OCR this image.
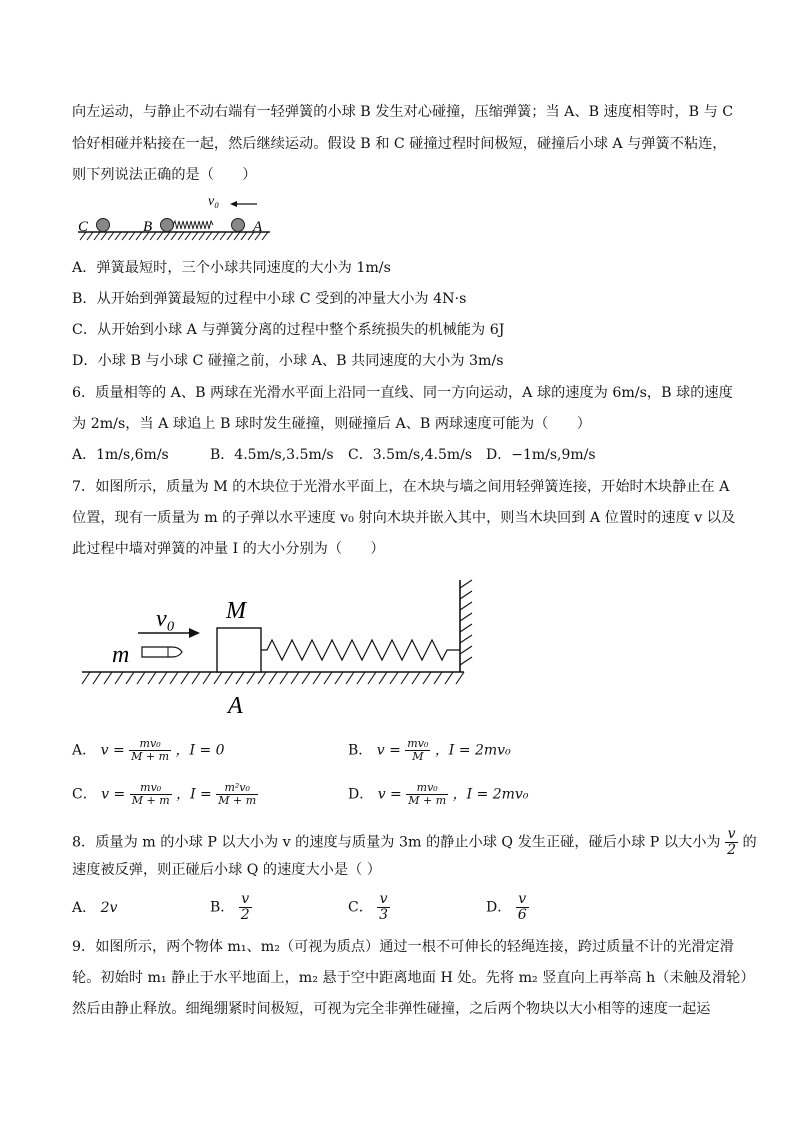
向左运动，与静止不动右端有一轻弹簧的小球 B 发生对心碰撞，压缩弹簧；当 A、B 速度相等时，B 与 C
恰好相碰并粘接在一起，然后继续运动。假设 B 和 C 碰撞过程时间极短，碰撞后小球 A 与弹簧不粘连，
则下列说法正确的是（　　）
C	B	A
v₀
A．弹簧最短时，三个小球共同速度的大小为 1m/s
B．从开始到弹簧最短的过程中小球 C 受到的冲量大小为 4N·s
C．从开始到小球 A 与弹簧分离的过程中整个系统损失的机械能为 6J
D．小球 B 与小球 C 碰撞之前，小球 A、B 共同速度的大小为 3m/s
6．质量相等的 A、B 两球在光滑水平面上沿同一直线、同一方向运动，A 球的速度为 6m/s，B 球的速度
为 2m/s，当 A 球追上 B 球时发生碰撞，则碰撞后 A、B 两球速度可能为（　　）
A．1m/s,6m/s	B．4.5m/s,3.5m/s C．3.5m/s,4.5m/s D．−1m/s,9m/s
7．如图所示，质量为 M 的木块位于光滑水平面上，在木块与墙之间用轻弹簧连接，开始时木块静止在 A
位置，现有一质量为 m 的子弹以水平速度 v₀ 射向木块并嵌入其中，则当木块回到 A 位置时的速度 v 以及
此过程中墙对弹簧的冲量 I 的大小分别为（　　）
m
v₀ M
A
A． $v = \frac{\text{mv₀}}{M + m}$ ，I = 0	B． $v = \frac{\text{mv₀}}{M}$ ，I = 2mv₀
C． $v = \frac{\text{mv₀}}{M + m}$ ，$I = \frac{\text{m²v₀}}{M + m}$	D． $v = \frac{\text{mv₀}}{M + m}$ ，I = 2mv₀
8．质量为 m 的小球 P 以大小为 v 的速度与质量为 3m 的静止小球 Q 发生正碰，碰后小球 P 以大小为 $\frac{v}{2}$ 的
速度被反弹，则正碰后小球 Q 的速度大小是（ ）
A． 2v	B． $\frac{v}{2}$	C． $\frac{v}{3}$	D． $\frac{v}{6}$
9．如图所示，两个物体 m₁、m₂（可视为质点）通过一根不可伸长的轻绳连接，跨过质量不计的光滑定滑
轮。初始时 m₁ 静止于水平地面上，m₂ 悬于空中距离地面 H 处。先将 m₂ 竖直向上再举高 h（未触及滑轮）
然后由静止释放。细绳绷紧时间极短，可视为完全非弹性碰撞，之后两个物块以大小相等的速度一起运
